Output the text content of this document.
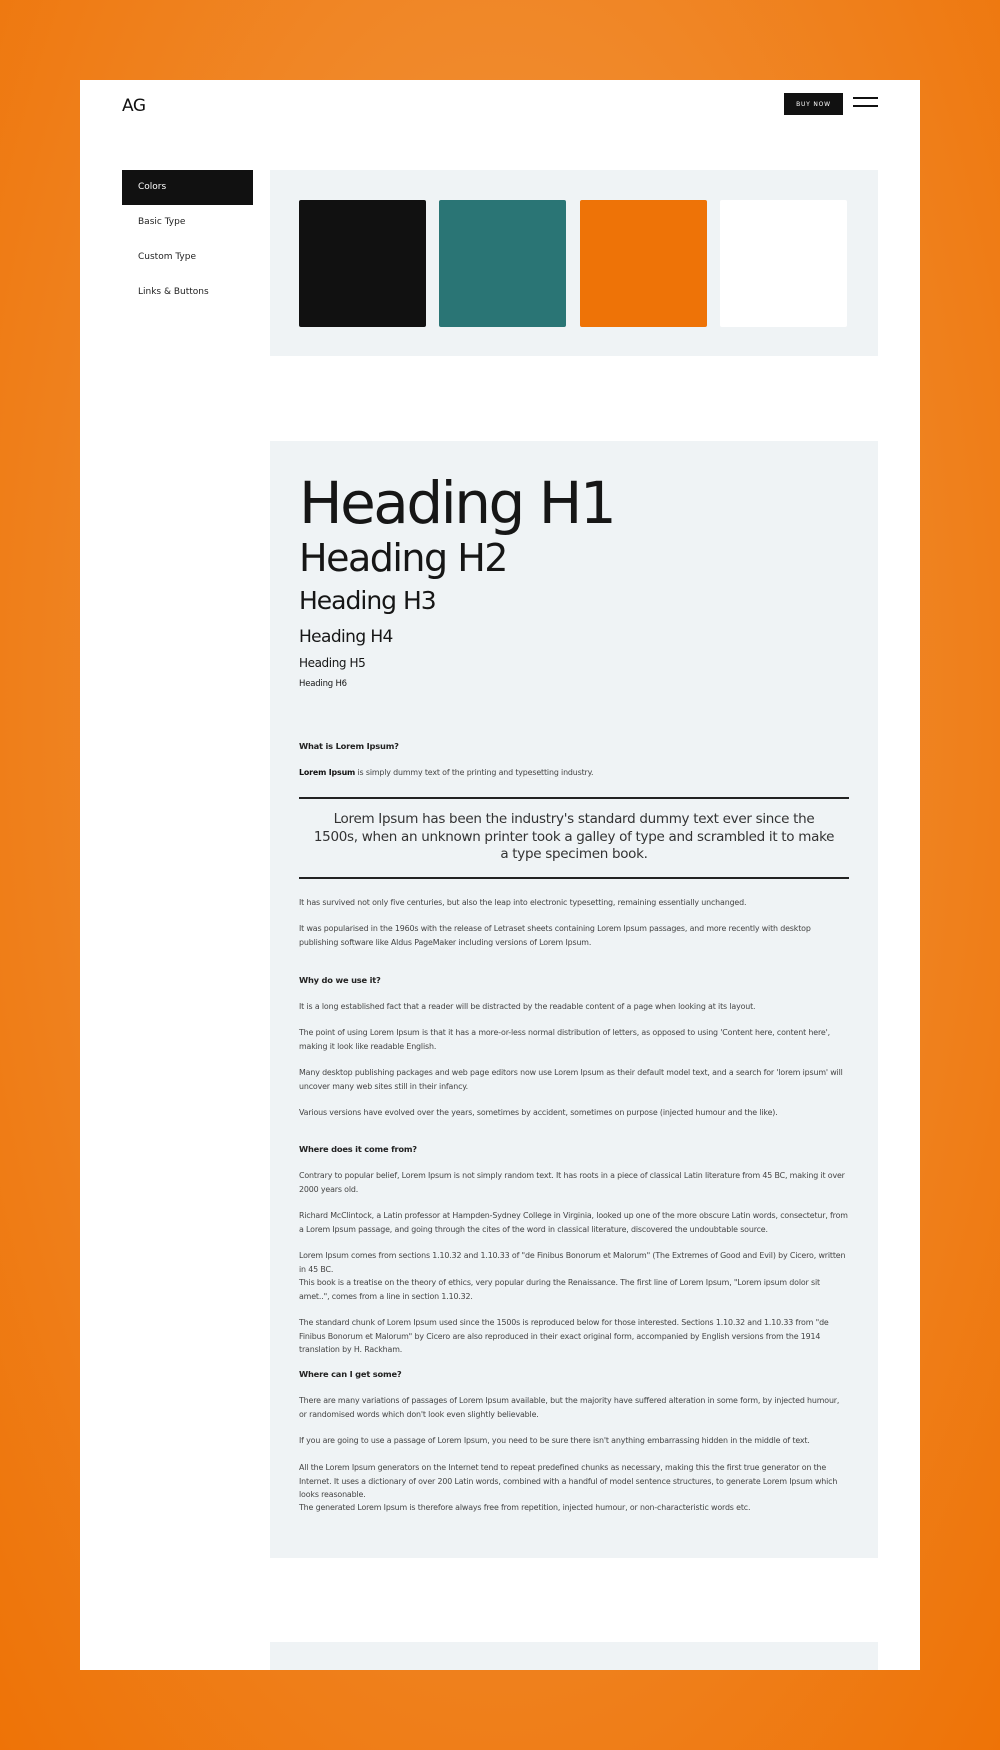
AG	BUY NOW
Colors
Basic Type
Custom Type
Links & Buttons
Heading H1
Heading H2
Heading H3
Heading H4
Heading H5
Heading H6
What is Lorem Ipsum?
Lorem Ipsum is simply dummy text of the printing and typesetting industry.

Lorem Ipsum has been the industry's standard dummy text ever since the 1500s, when an unknown printer took a galley of type and scrambled it to make a type specimen book.

It has survived not only five centuries, but also the leap into electronic typesetting, remaining essentially unchanged.
It was popularised in the 1960s with the release of Letraset sheets containing Lorem Ipsum passages, and more recently with desktop publishing software like Aldus PageMaker including versions of Lorem Ipsum.
Why do we use it?
It is a long established fact that a reader will be distracted by the readable content of a page when looking at its layout.
The point of using Lorem Ipsum is that it has a more-or-less normal distribution of letters, as opposed to using 'Content here, content here', making it look like readable English.
Many desktop publishing packages and web page editors now use Lorem Ipsum as their default model text, and a search for 'lorem ipsum' will uncover many web sites still in their infancy.
Various versions have evolved over the years, sometimes by accident, sometimes on purpose (injected humour and the like).
Where does it come from?
Contrary to popular belief, Lorem Ipsum is not simply random text. It has roots in a piece of classical Latin literature from 45 BC, making it over 2000 years old.
Richard McClintock, a Latin professor at Hampden-Sydney College in Virginia, looked up one of the more obscure Latin words, consectetur, from a Lorem Ipsum passage, and going through the cites of the word in classical literature, discovered the undoubtable source.
Lorem Ipsum comes from sections 1.10.32 and 1.10.33 of "de Finibus Bonorum et Malorum" (The Extremes of Good and Evil) by Cicero, written in 45 BC.
This book is a treatise on the theory of ethics, very popular during the Renaissance. The first line of Lorem Ipsum, "Lorem ipsum dolor sit amet..", comes from a line in section 1.10.32.
The standard chunk of Lorem Ipsum used since the 1500s is reproduced below for those interested. Sections 1.10.32 and 1.10.33 from "de Finibus Bonorum et Malorum" by Cicero are also reproduced in their exact original form, accompanied by English versions from the 1914 translation by H. Rackham.
Where can I get some?
There are many variations of passages of Lorem Ipsum available, but the majority have suffered alteration in some form, by injected humour, or randomised words which don't look even slightly believable.
If you are going to use a passage of Lorem Ipsum, you need to be sure there isn't anything embarrassing hidden in the middle of text.
All the Lorem Ipsum generators on the Internet tend to repeat predefined chunks as necessary, making this the first true generator on the Internet. It uses a dictionary of over 200 Latin words, combined with a handful of model sentence structures, to generate Lorem Ipsum which looks reasonable.
The generated Lorem Ipsum is therefore always free from repetition, injected humour, or non-characteristic words etc.
